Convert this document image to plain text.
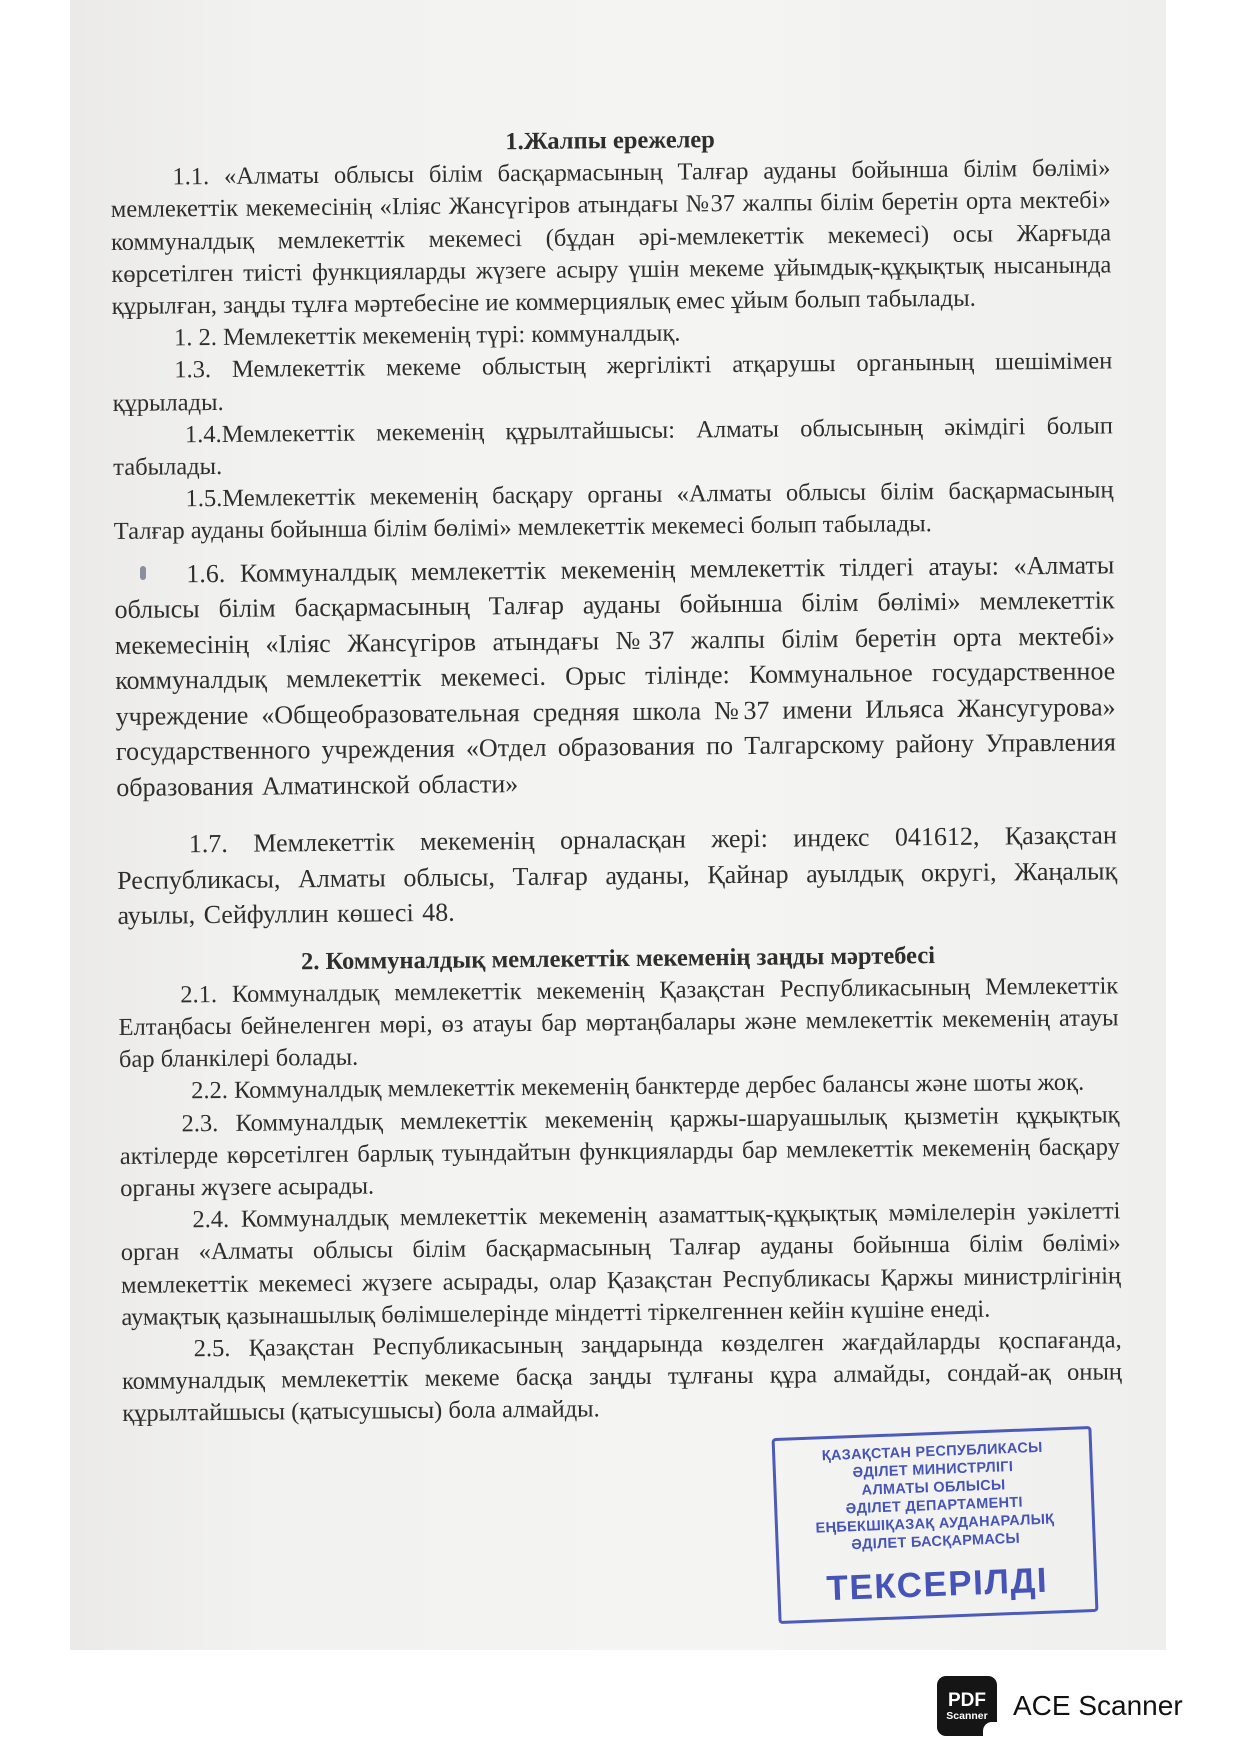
1.Жалпы ережелер

1.1. «Алматы облысы білім басқармасының Талғар ауданы бойынша білім бөлімі» мемлекеттік мекемесінің «Іліяс Жансүгіров атындағы №37 жалпы білім беретін орта мектебі» коммуналдық мемлекеттік мекемесі (бұдан әрі-мемлекеттік мекемесі) осы Жарғыда көрсетілген тиісті функцияларды жүзеге асыру үшін мекеме ұйымдық-құқықтық нысанында құрылған, заңды тұлға мәртебесіне ие коммерциялық емес ұйым болып табылады.

1. 2. Мемлекеттік мекеменің түрі: коммуналдық.

1.3. Мемлекеттік мекеме облыстың жергілікті атқарушы органының шешімімен құрылады.

1.4.Мемлекеттік мекеменің құрылтайшысы: Алматы облысының әкімдігі болып табылады.

1.5.Мемлекеттік мекеменің басқару органы «Алматы облысы білім басқармасының Талғар ауданы бойынша білім бөлімі» мемлекеттік мекемесі болып табылады.

1.6. Коммуналдық мемлекеттік мекеменің мемлекеттік тілдегі атауы: «Алматы облысы білім басқармасының Талғар ауданы бойынша білім бөлімі» мемлекеттік мекемесінің «Іліяс Жансүгіров атындағы №37 жалпы білім беретін орта мектебі» коммуналдық мемлекеттік мекемесі. Орыс тілінде: Коммунальное государственное учреждение «Общеобразовательная средняя школа №37 имени Ильяса Жансугурова» государственного учреждения «Отдел образования по Талгарскому району Управления образования Алматинской области»

1.7. Мемлекеттік мекеменің орналасқан жері: индекс 041612, Қазақстан Республикасы, Алматы облысы, Талғар ауданы, Қайнар ауылдық округі, Жаңалық ауылы, Сейфуллин көшесі 48.

2. Коммуналдық мемлекеттік мекеменің заңды мәртебесі

2.1. Коммуналдық мемлекеттік мекеменің Қазақстан Республикасының Мемлекеттік Елтаңбасы бейнеленген мөрі, өз атауы бар мөртаңбалары және мемлекеттік мекеменің атауы бар бланкілері болады.

2.2. Коммуналдық мемлекеттік мекеменің банктерде дербес балансы және шоты жоқ.

2.3. Коммуналдық мемлекеттік мекеменің қаржы-шаруашылық қызметін құқықтық актілерде көрсетілген барлық туындайтын функцияларды бар мемлекеттік мекеменің басқару органы жүзеге асырады.

2.4. Коммуналдық мемлекеттік мекеменің азаматтық-құқықтық мәмілелерін уәкілетті орган «Алматы облысы білім басқармасының Талғар ауданы бойынша білім бөлімі» мемлекеттік мекемесі жүзеге асырады, олар Қазақстан Республикасы Қаржы министрлігінің аумақтық қазынашылық бөлімшелерінде міндетті тіркелгеннен кейін күшіне енеді.

2.5. Қазақстан Республикасының заңдарында көзделген жағдайларды қоспағанда, коммуналдық мемлекеттік мекеме басқа заңды тұлғаны құра алмайды, сондай-ақ оның құрылтайшысы (қатысушысы) бола алмайды.

ҚАЗАҚСТАН РЕСПУБЛИКАСЫ
ӘДІЛЕТ МИНИСТРЛІГІ
АЛМАТЫ ОБЛЫСЫ
ӘДІЛЕТ ДЕПАРТАМЕНТІ
ЕҢБЕКШІҚАЗАҚ АУДАНАРАЛЫҚ
ӘДІЛЕТ БАСҚАРМАСЫ
ТЕКСЕРІЛДІ
PDF
Scanner ACE Scanner
